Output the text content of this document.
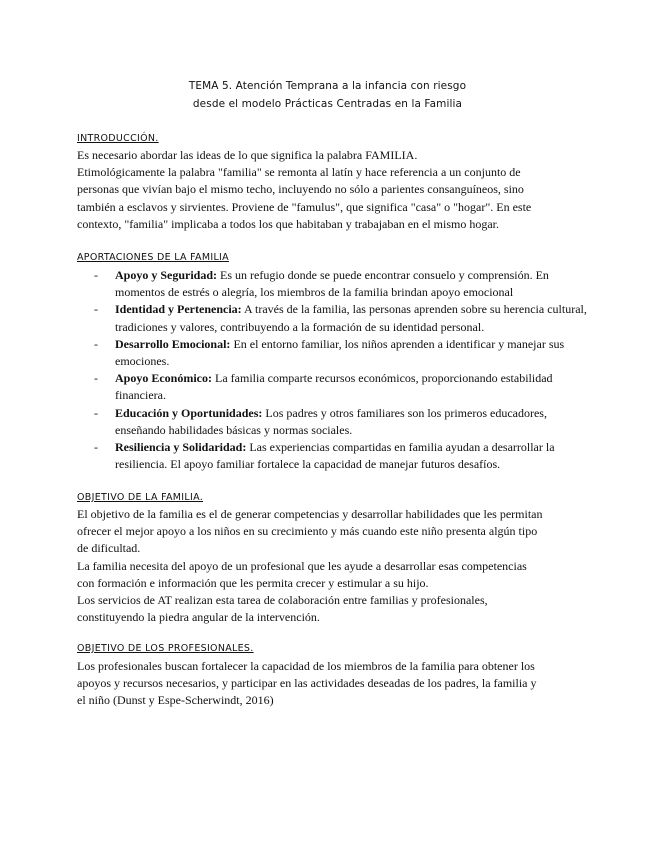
TEMA 5. Atención Temprana a la infancia con riesgo
desde el modelo Prácticas Centradas en la Familia
INTRODUCCIÓN.
Es necesario abordar las ideas de lo que significa la palabra FAMILIA.
Etimológicamente la palabra "familia" se remonta al latín y hace referencia a un conjunto de
personas que vivían bajo el mismo techo, incluyendo no sólo a parientes consanguíneos, sino
también a esclavos y sirvientes. Proviene de "famulus", que significa "casa" o "hogar". En este
contexto, "familia" implicaba a todos los que habitaban y trabajaban en el mismo hogar.
APORTACIONES DE LA FAMILIA
- Apoyo y Seguridad: Es un refugio donde se puede encontrar consuelo y comprensión. En momentos de estrés o alegría, los miembros de la familia brindan apoyo emocional
- Identidad y Pertenencia: A través de la familia, las personas aprenden sobre su herencia cultural, tradiciones y valores, contribuyendo a la formación de su identidad personal.
- Desarrollo Emocional: En el entorno familiar, los niños aprenden a identificar y manejar sus emociones.
- Apoyo Económico: La familia comparte recursos económicos, proporcionando estabilidad financiera.
- Educación y Oportunidades: Los padres y otros familiares son los primeros educadores, enseñando habilidades básicas y normas sociales.
- Resiliencia y Solidaridad: Las experiencias compartidas en familia ayudan a desarrollar la resiliencia. El apoyo familiar fortalece la capacidad de manejar futuros desafíos.
OBJETIVO DE LA FAMILIA.
El objetivo de la familia es el de generar competencias y desarrollar habilidades que les permitan
ofrecer el mejor apoyo a los niños en su crecimiento y más cuando este niño presenta algún tipo
de dificultad.
La familia necesita del apoyo de un profesional que les ayude a desarrollar esas competencias
con formación e información que les permita crecer y estimular a su hijo.
Los servicios de AT realizan esta tarea de colaboración entre familias y profesionales,
constituyendo la piedra angular de la intervención.
OBJETIVO DE LOS PROFESIONALES.
Los profesionales buscan fortalecer la capacidad de los miembros de la familia para obtener los
apoyos y recursos necesarios, y participar en las actividades deseadas de los padres, la familia y
el niño (Dunst y Espe-Scherwindt, 2016)
